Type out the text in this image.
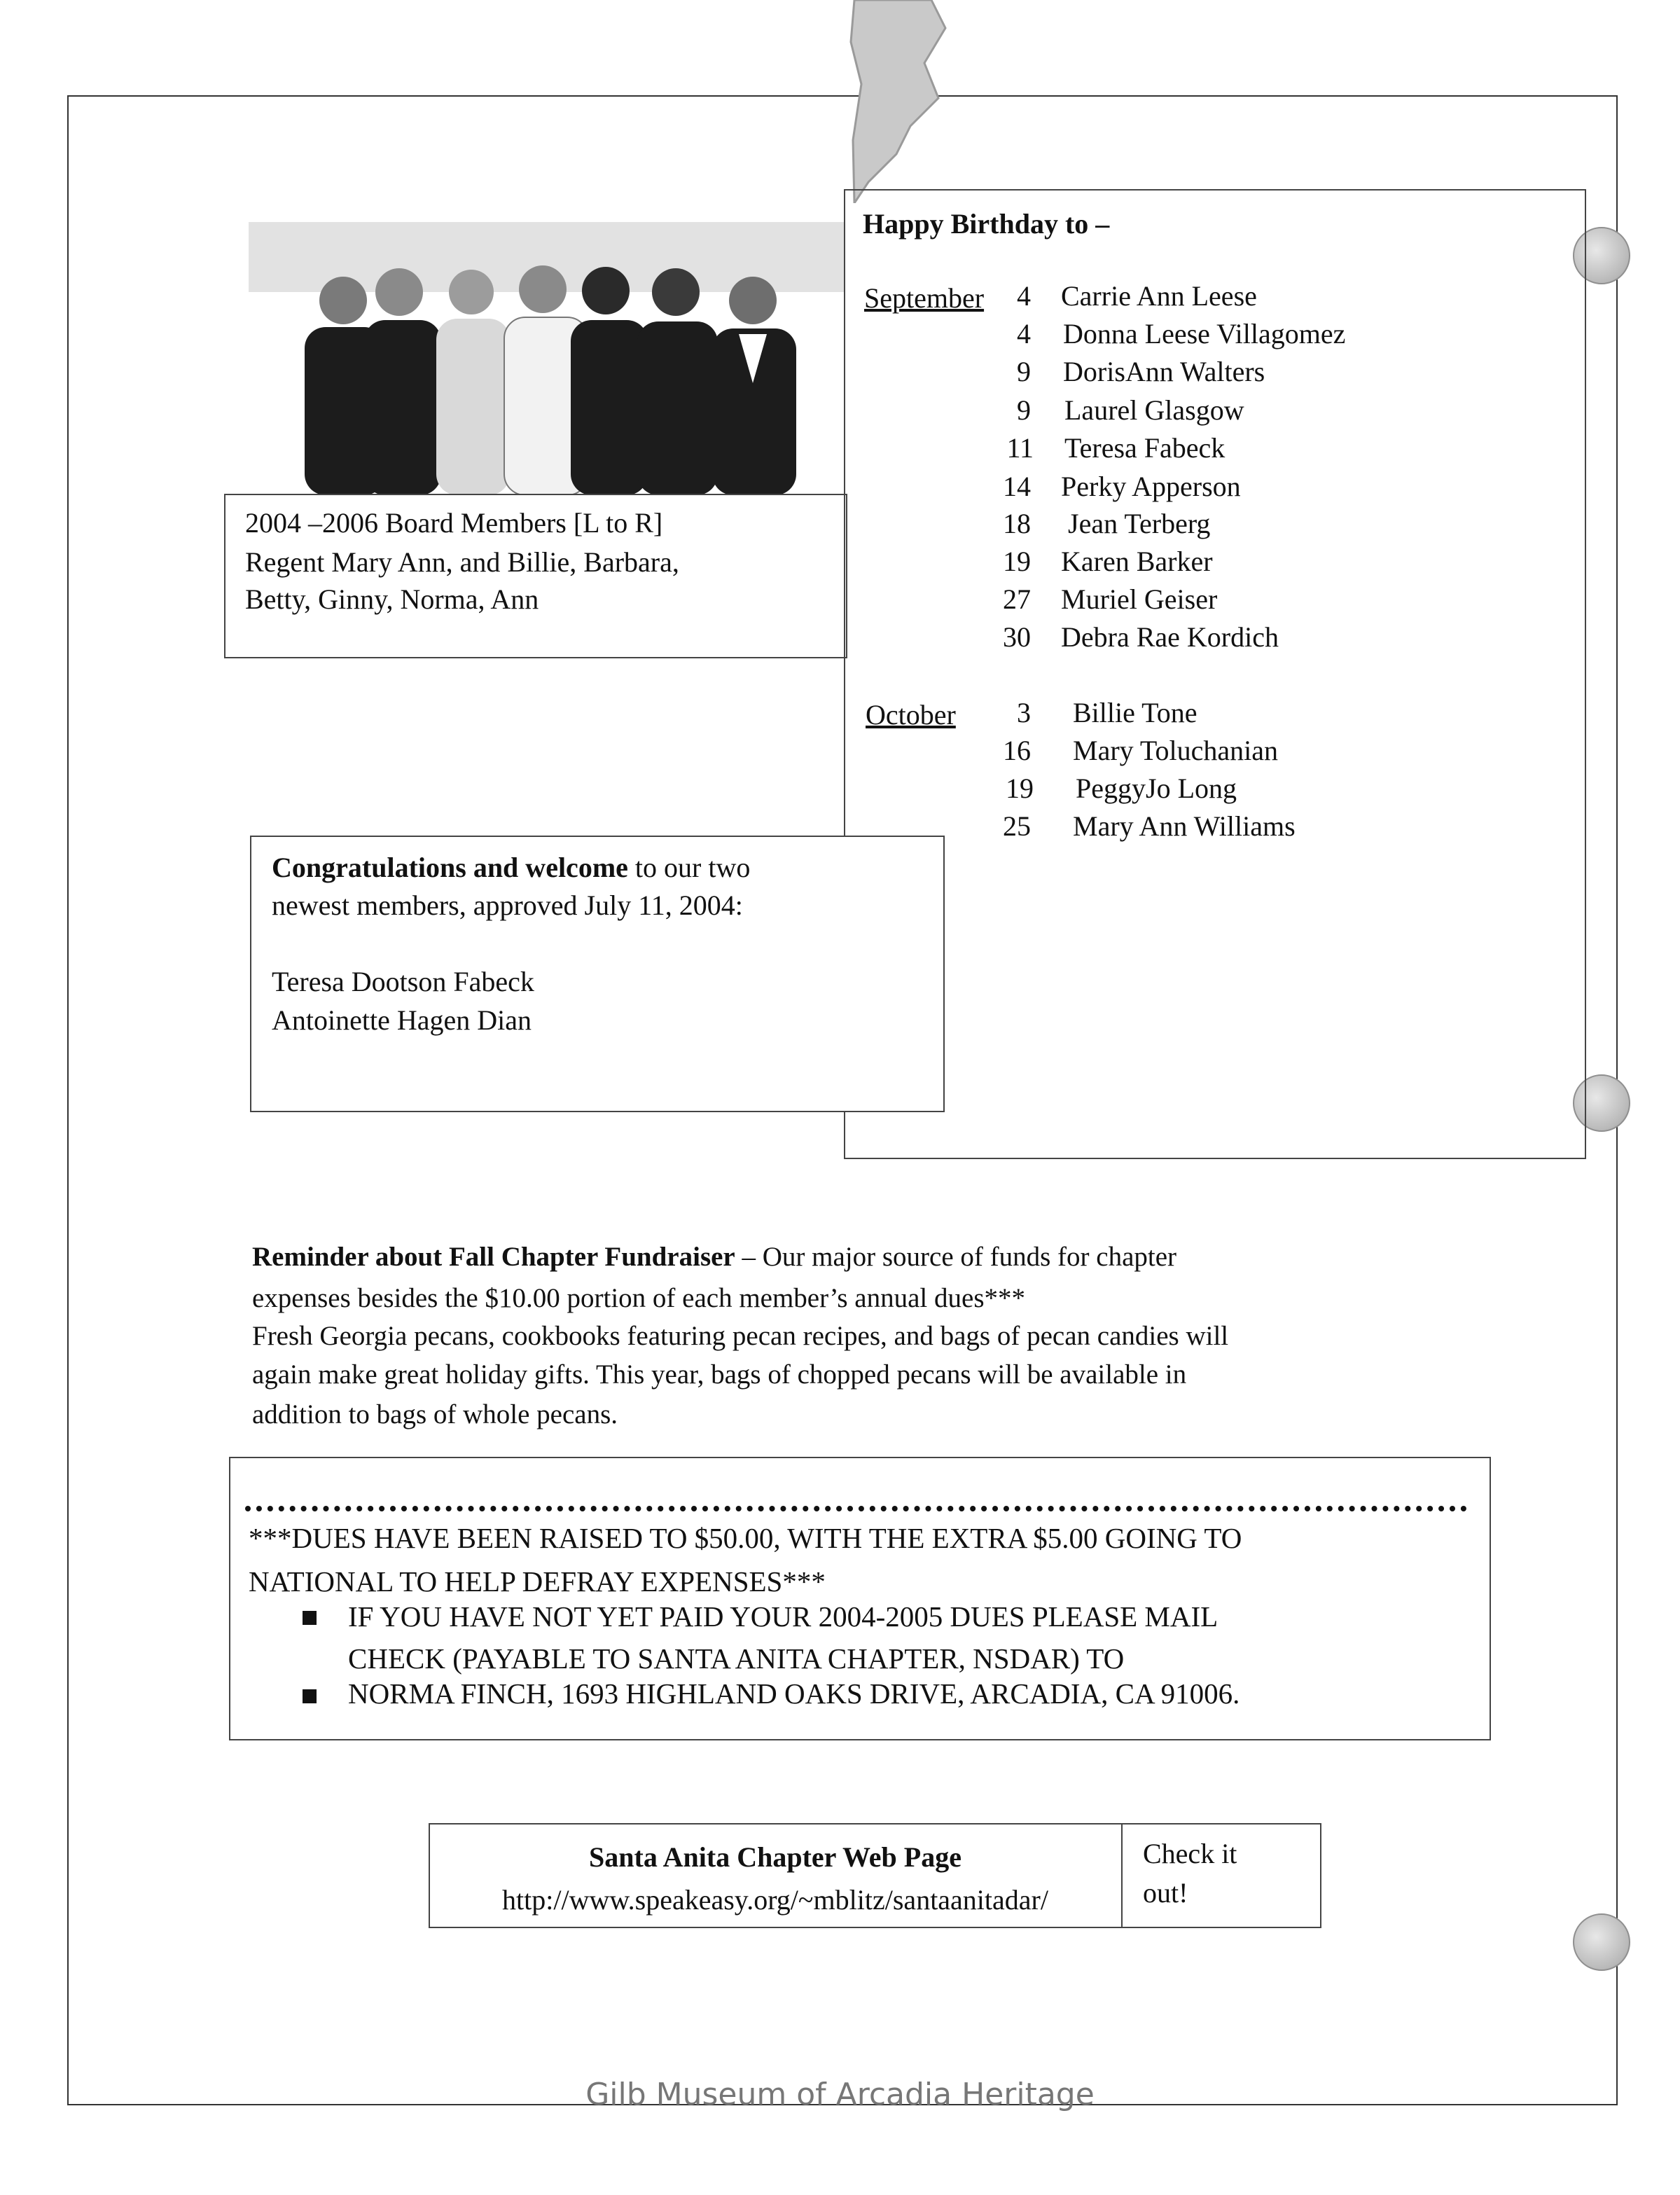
2004 –2006 Board Members [L to R]
Regent Mary Ann, and Billie, Barbara,
Betty, Ginny, Norma, Ann
Happy Birthday to –
September	4 Carrie Ann Leese
4 Donna Leese Villagomez
9 DorisAnn Walters
9 Laurel Glasgow
11 Teresa Fabeck
14 Perky Apperson
18 Jean Terberg
19 Karen Barker
27 Muriel Geiser
30 Debra Rae Kordich
October	3 Billie Tone
16 Mary Toluchanian
19 PeggyJo Long
25 Mary Ann Williams
Congratulations and welcome to our two
newest members, approved July 11, 2004:
Teresa Dootson Fabeck
Antoinette Hagen Dian
Reminder about Fall Chapter Fundraiser – Our major source of funds for chapter
expenses besides the $10.00 portion of each member’s annual dues***
Fresh Georgia pecans, cookbooks featuring pecan recipes, and bags of pecan candies will
again make great holiday gifts. This year, bags of chopped pecans will be available in
addition to bags of whole pecans.
***DUES HAVE BEEN RAISED TO $50.00, WITH THE EXTRA $5.00 GOING TO
NATIONAL TO HELP DEFRAY EXPENSES***
IF YOU HAVE NOT YET PAID YOUR 2004-2005 DUES PLEASE MAIL
CHECK (PAYABLE TO SANTA ANITA CHAPTER, NSDAR) TO
NORMA FINCH, 1693 HIGHLAND OAKS DRIVE, ARCADIA, CA 91006.
Santa Anita Chapter Web Page
http://www.speakeasy.org/~mblitz/santaanitadar/
Check it
out!
Gilb Museum of Arcadia Heritage
